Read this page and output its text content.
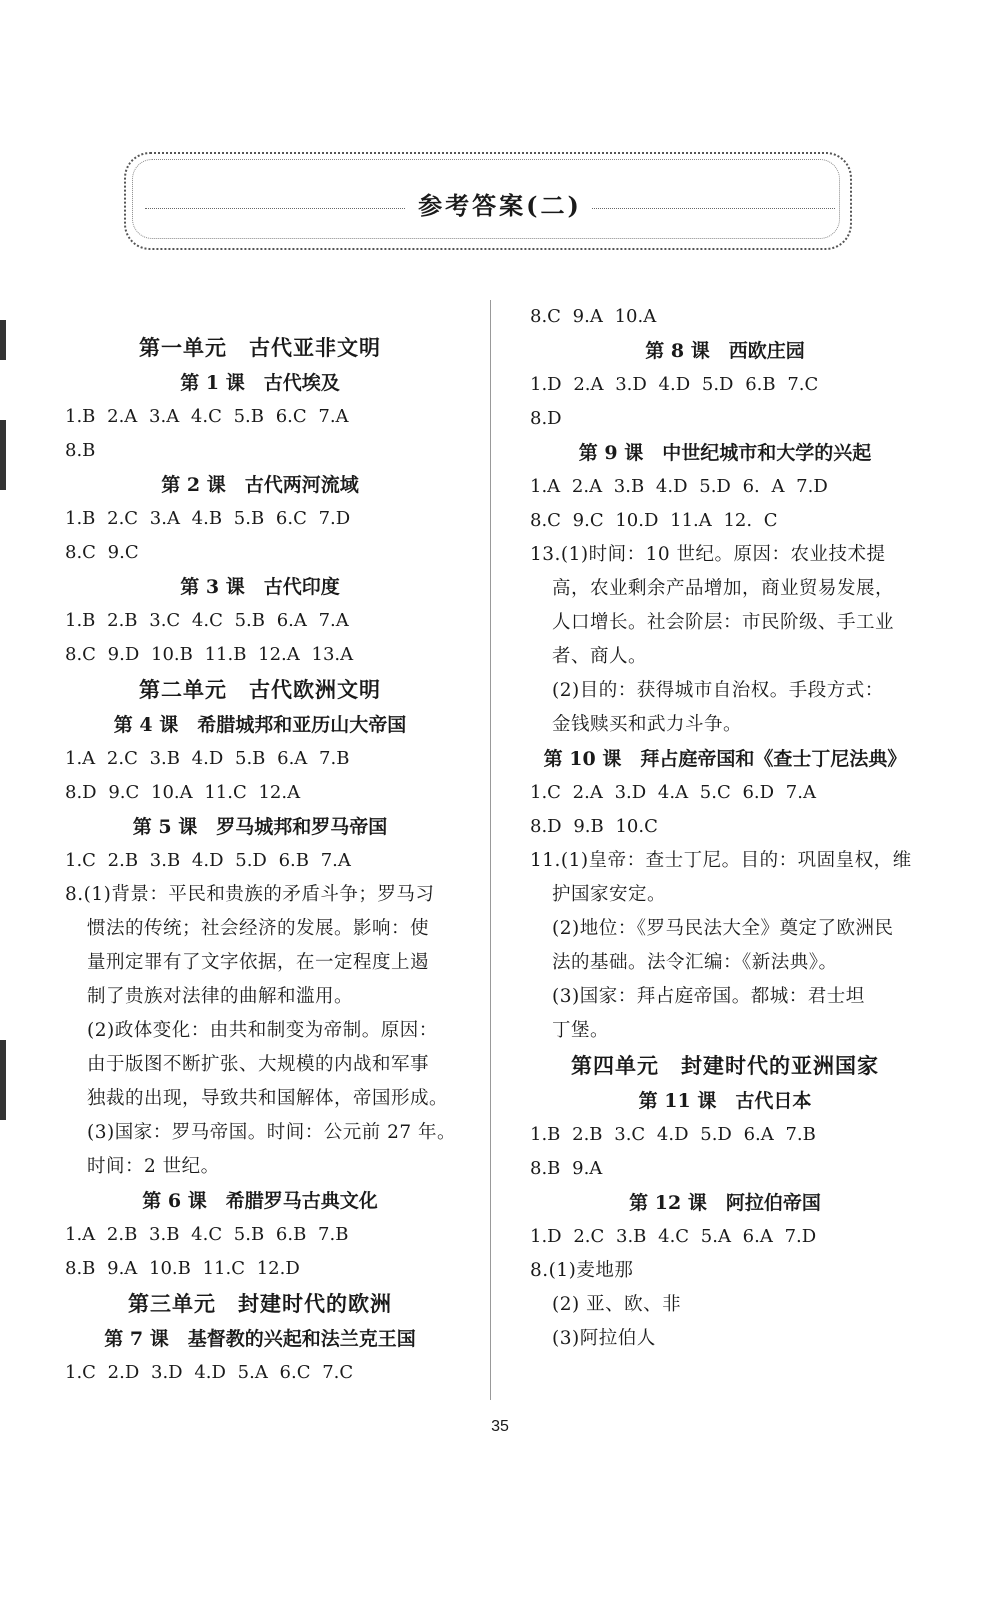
参考答案(二)
第一单元　古代亚非文明
第 1 课　古代埃及
1.B 2.A 3.A 4.C 5.B 6.C 7.A
8.B
第 2 课　古代两河流域
1.B 2.C 3.A 4.B 5.B 6.C 7.D
8.C 9.C
第 3 课　古代印度
1.B 2.B 3.C 4.C 5.B 6.A 7.A
8.C 9.D 10.B 11.B 12.A 13.A
第二单元　古代欧洲文明
第 4 课　希腊城邦和亚历山大帝国
1.A 2.C 3.B 4.D 5.B 6.A 7.B
8.D 9.C 10.A 11.C 12.A
第 5 课　罗马城邦和罗马帝国
1.C 2.B 3.B 4.D 5.D 6.B 7.A
8.(1)背景：平民和贵族的矛盾斗争；罗马习
惯法的传统；社会经济的发展。影响：使
量刑定罪有了文字依据，在一定程度上遏
制了贵族对法律的曲解和滥用。
(2)政体变化：由共和制变为帝制。原因：
由于版图不断扩张、大规模的内战和军事
独裁的出现，导致共和国解体，帝国形成。
(3)国家：罗马帝国。时间：公元前 27 年。
时间：2 世纪。
第 6 课　希腊罗马古典文化
1.A 2.B 3.B 4.C 5.B 6.B 7.B
8.B 9.A 10.B 11.C 12.D
第三单元　封建时代的欧洲
第 7 课　基督教的兴起和法兰克王国
1.C 2.D 3.D 4.D 5.A 6.C 7.C
8.C 9.A 10.A
第 8 课　西欧庄园
1.D 2.A 3.D 4.D 5.D 6.B 7.C
8.D
第 9 课　中世纪城市和大学的兴起
1.A 2.A 3.B 4.D 5.D 6. A 7.D
8.C 9.C 10.D 11.A 12. C
13.(1)时间：10 世纪。原因：农业技术提
高，农业剩余产品增加，商业贸易发展，
人口增长。社会阶层：市民阶级、手工业
者、商人。
(2)目的：获得城市自治权。手段方式：
金钱赎买和武力斗争。
第 10 课　拜占庭帝国和《查士丁尼法典》
1.C 2.A 3.D 4.A 5.C 6.D 7.A
8.D 9.B 10.C
11.(1)皇帝：查士丁尼。目的：巩固皇权，维
护国家安定。
(2)地位：《罗马民法大全》奠定了欧洲民
法的基础。法令汇编：《新法典》。
(3)国家：拜占庭帝国。都城：君士坦
丁堡。
第四单元　封建时代的亚洲国家
第 11 课　古代日本
1.B 2.B 3.C 4.D 5.D 6.A 7.B
8.B 9.A
第 12 课　阿拉伯帝国
1.D 2.C 3.B 4.C 5.A 6.A 7.D
8.(1)麦地那
(2) 亚、欧、非
(3)阿拉伯人
35
